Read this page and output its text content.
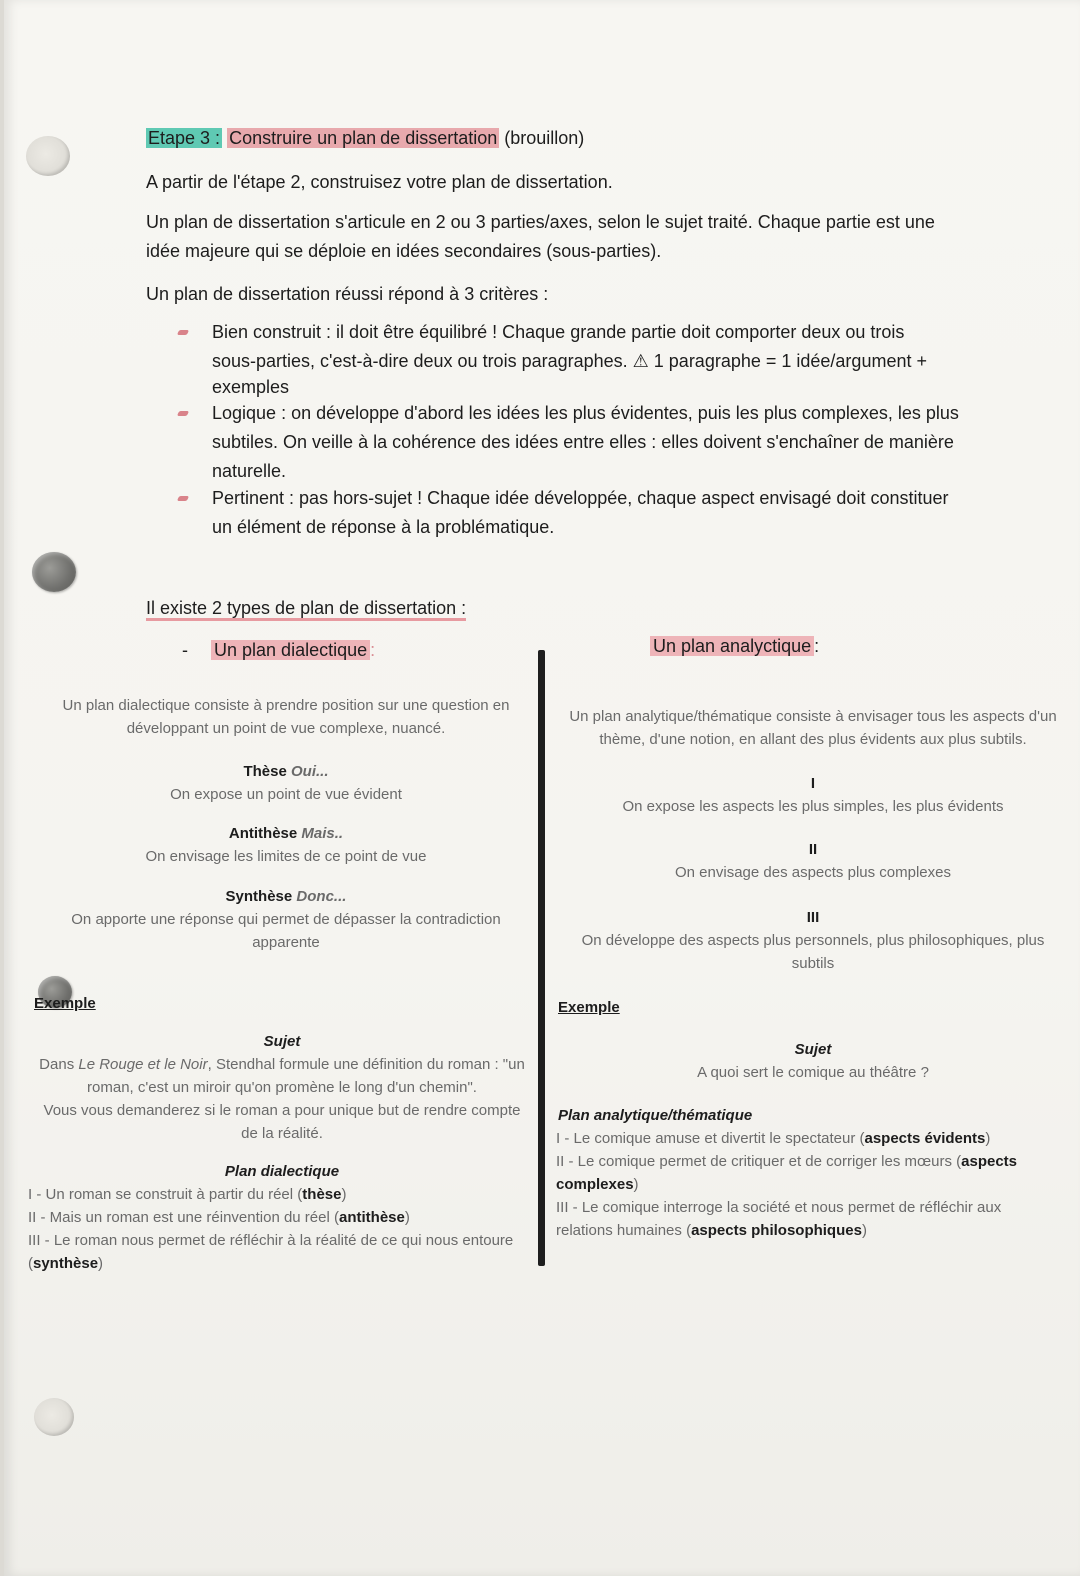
Etape 3 : Construire un plan de dissertation (brouillon)
A partir de l'étape 2, construisez votre plan de dissertation.
Un plan de dissertation s'articule en 2 ou 3 parties/axes, selon le sujet traité. Chaque partie est une
idée majeure qui se déploie en idées secondaires (sous-parties).
Un plan de dissertation réussi répond à 3 critères :
Bien construit : il doit être équilibré ! Chaque grande partie doit comporter deux ou trois
sous-parties, c'est-à-dire deux ou trois paragraphes. ⚠ 1 paragraphe = 1 idée/argument +
exemples
Logique : on développe d'abord les idées les plus évidentes, puis les plus complexes, les plus
subtiles. On veille à la cohérence des idées entre elles : elles doivent s'enchaîner de manière
naturelle.
Pertinent : pas hors-sujet ! Chaque idée développée, chaque aspect envisagé doit constituer
un élément de réponse à la problématique.
Il existe 2 types de plan de dissertation :
- Un plan dialectique :
Un plan dialectique consiste à prendre position sur une question en
développant un point de vue complexe, nuancé.
Thèse Oui...
On expose un point de vue évident
Antithèse Mais..
On envisage les limites de ce point de vue
Synthèse Donc...
On apporte une réponse qui permet de dépasser la contradiction
apparente
Exemple
Sujet
Dans Le Rouge et le Noir, Stendhal formule une définition du roman : "un
roman, c'est un miroir qu'on promène le long d'un chemin".
Vous vous demanderez si le roman a pour unique but de rendre compte
de la réalité.
Plan dialectique
I - Un roman se construit à partir du réel (thèse)
II - Mais un roman est une réinvention du réel (antithèse)
III - Le roman nous permet de réfléchir à la réalité de ce qui nous entoure
(synthèse)
Un plan analyctique :
Un plan analytique/thématique consiste à envisager tous les aspects d'un
thème, d'une notion, en allant des plus évidents aux plus subtils.
I
On expose les aspects les plus simples, les plus évidents
II
On envisage des aspects plus complexes
III
On développe des aspects plus personnels, plus philosophiques, plus
subtils
Exemple
Sujet
A quoi sert le comique au théâtre ?
Plan analytique/thématique
I - Le comique amuse et divertit le spectateur (aspects évidents)
II - Le comique permet de critiquer et de corriger les mœurs (aspects
complexes)
III - Le comique interroge la société et nous permet de réfléchir aux
relations humaines (aspects philosophiques)
